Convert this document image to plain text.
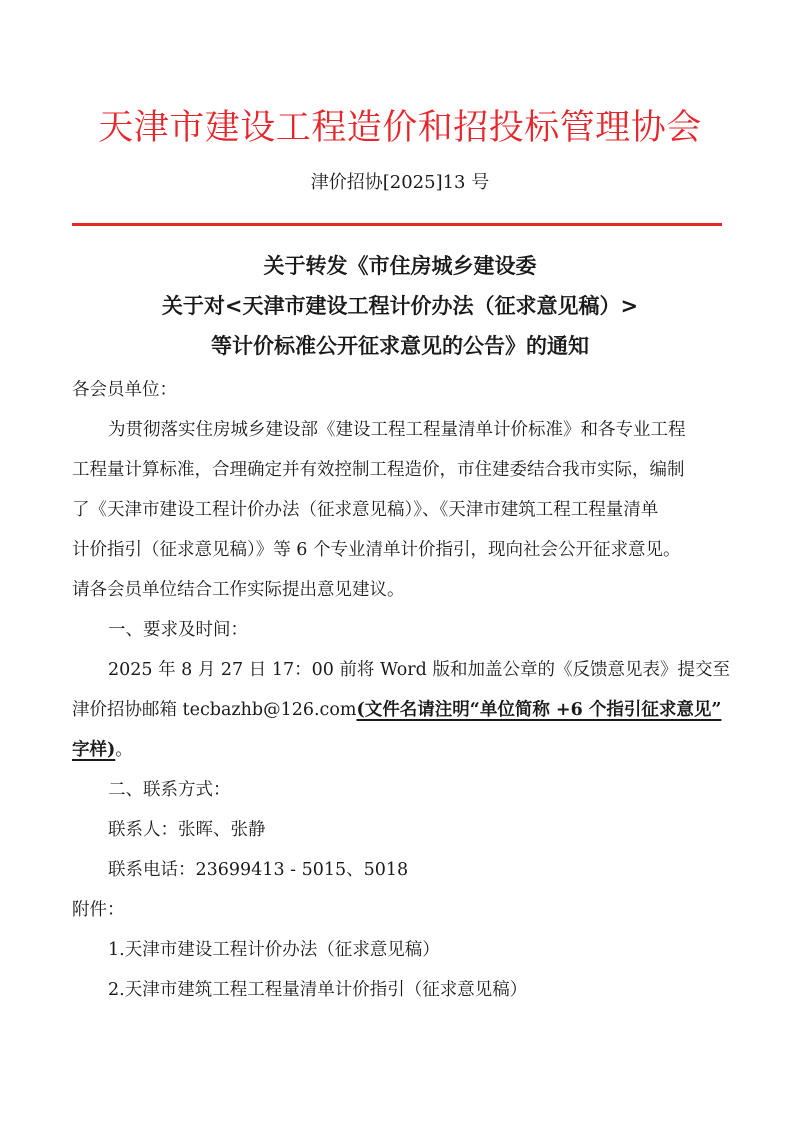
天津市建设工程造价和招投标管理协会
津价招协[2025]13 号
关于转发《市住房城乡建设委
关于对<天津市建设工程计价办法（征求意见稿）>
等计价标准公开征求意见的公告》的通知
各会员单位：
为贯彻落实住房城乡建设部《建设工程工程量清单计价标准》和各专业工程
工程量计算标准，合理确定并有效控制工程造价，市住建委结合我市实际，编制
了《天津市建设工程计价办法（征求意见稿）》、《天津市建筑工程工程量清单
计价指引（征求意见稿）》等 6 个专业清单计价指引，现向社会公开征求意见。
请各会员单位结合工作实际提出意见建议。
一、要求及时间：
2025 年 8 月 27 日 17：00 前将 Word 版和加盖公章的《反馈意见表》提交至
津价招协邮箱 tecbazhb@126.com(文件名请注明“单位简称 +6 个指引征求意见”
字样)。
二、联系方式：
联系人：张晖、张静
联系电话：23699413 - 5015、5018
附件：
1.天津市建设工程计价办法（征求意见稿）
2.天津市建筑工程工程量清单计价指引（征求意见稿）
